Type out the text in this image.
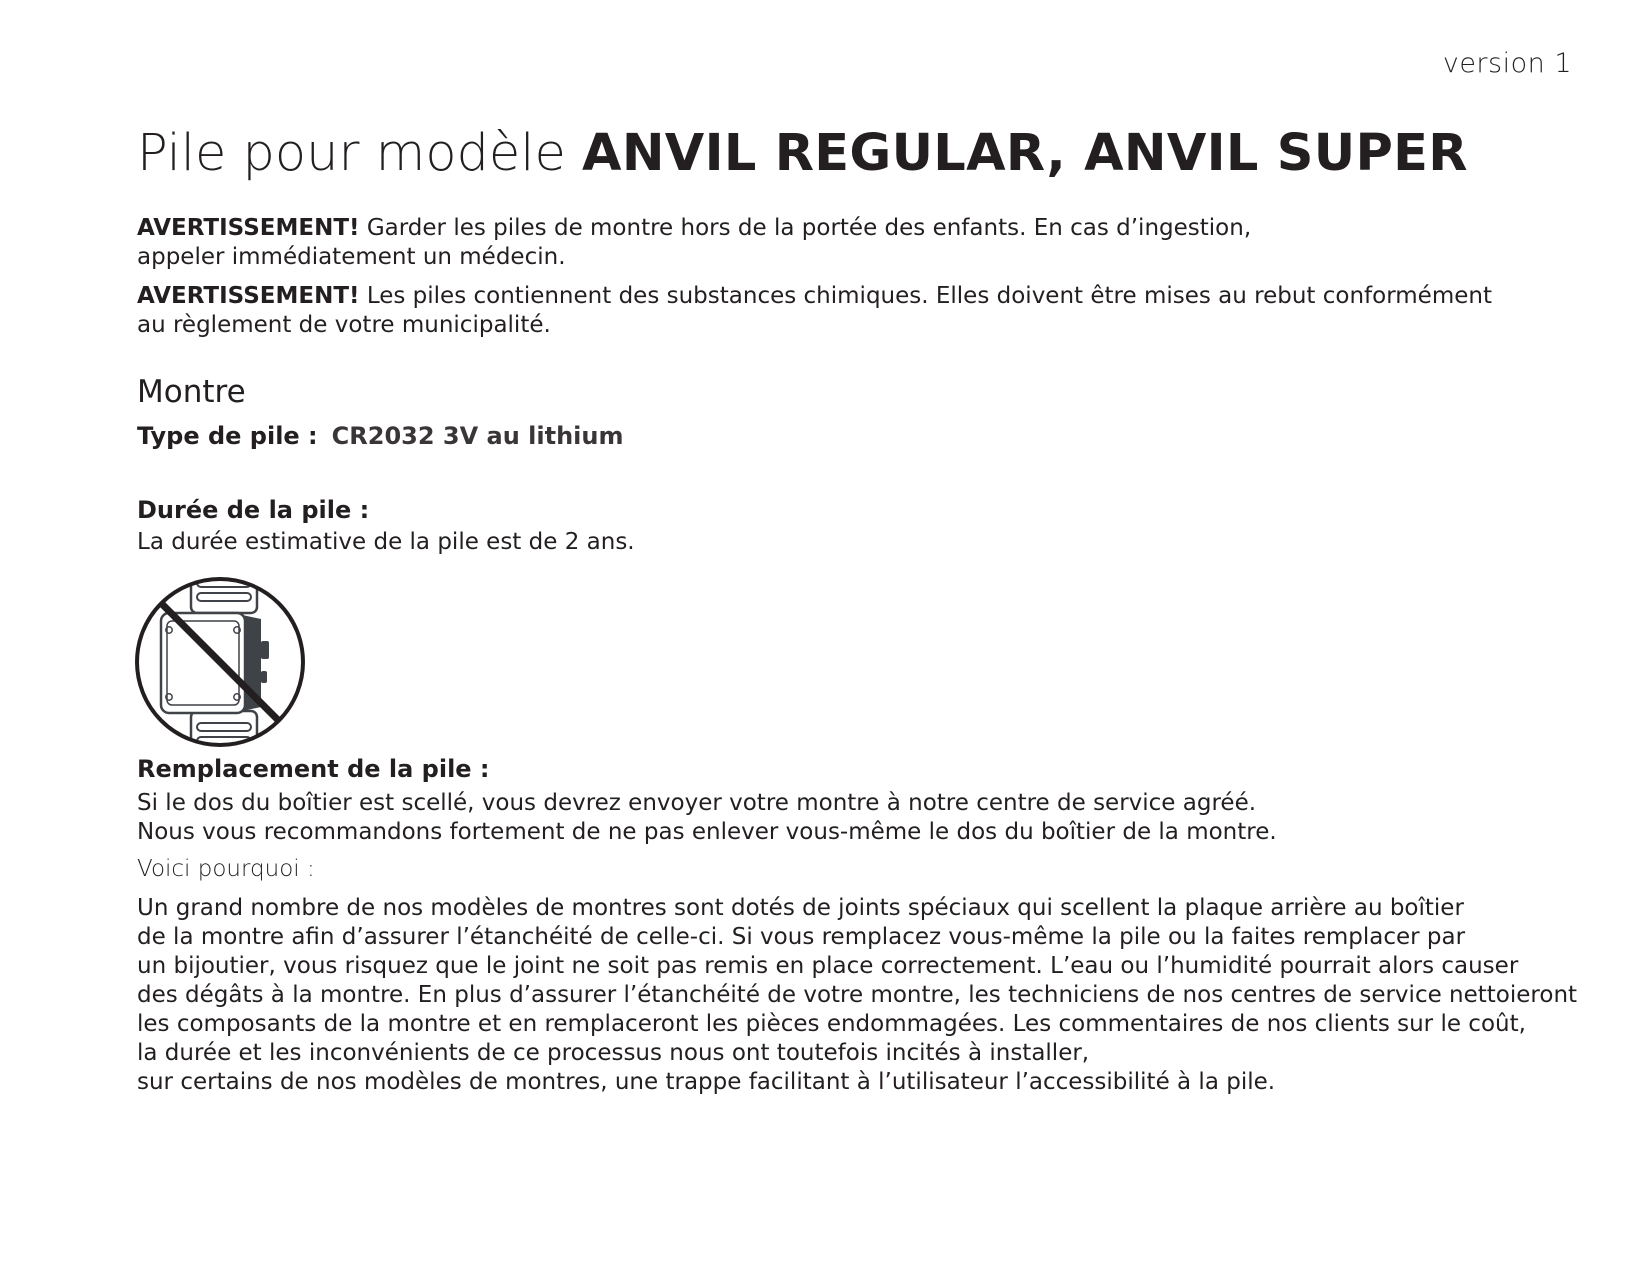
version 1
Pile pour modèle ANVIL REGULAR, ANVIL SUPER

AVERTISSEMENT! Garder les piles de montre hors de la portée des enfants. En cas d’ingestion,

appeler immédiatement un médecin.

AVERTISSEMENT! Les piles contiennent des substances chimiques. Elles doivent être mises au rebut conformément

au règlement de votre municipalité.

Montre
Type de pile : CR2032 3V au lithium
Durée de la pile :

La durée estimative de la pile est de 2 ans.

Remplacement de la pile :

Si le dos du boîtier est scellé, vous devrez envoyer votre montre à notre centre de service agréé.

Nous vous recommandons fortement de ne pas enlever vous-même le dos du boîtier de la montre.

Voici pourquoi :

Un grand nombre de nos modèles de montres sont dotés de joints spéciaux qui scellent la plaque arrière au boîtier

de la montre afin d’assurer l’étanchéité de celle-ci. Si vous remplacez vous-même la pile ou la faites remplacer par

un bijoutier, vous risquez que le joint ne soit pas remis en place correctement. L’eau ou l’humidité pourrait alors causer

des dégâts à la montre. En plus d’assurer l’étanchéité de votre montre, les techniciens de nos centres de service nettoieront

les composants de la montre et en remplaceront les pièces endommagées. Les commentaires de nos clients sur le coût,

la durée et les inconvénients de ce processus nous ont toutefois incités à installer,

sur certains de nos modèles de montres, une trappe facilitant à l’utilisateur l’accessibilité à la pile.
